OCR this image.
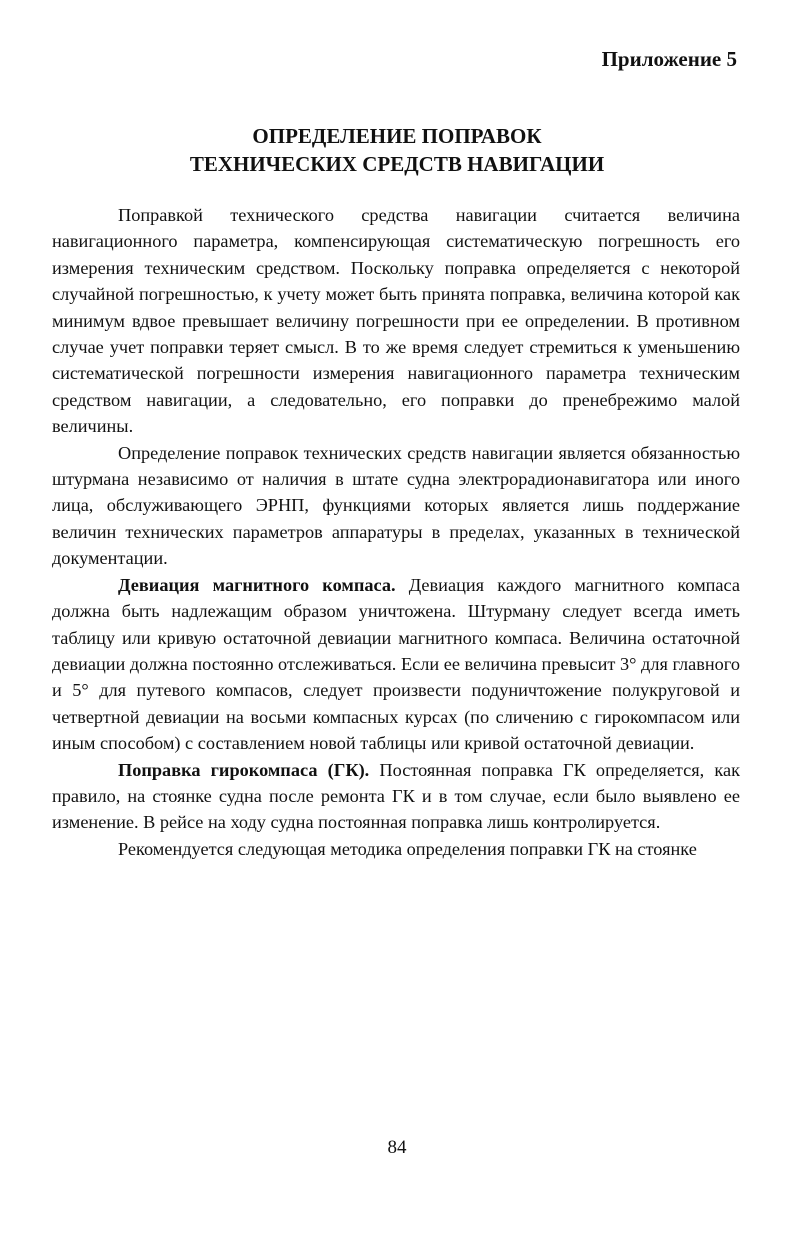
Приложение 5
ОПРЕДЕЛЕНИЕ ПОПРАВОК
ТЕХНИЧЕСКИХ СРЕДСТВ НАВИГАЦИИ

Поправкой технического средства навигации считается величина навигационного параметра, компенсирующая систематическую погрешность его измерения техническим средством. Поскольку поправка определяется с некоторой случайной погрешностью, к учету может быть принята поправка, величина которой как минимум вдвое превышает величину погрешности при ее определении. В противном случае учет поправки теряет смысл. В то же время следует стремиться к уменьшению систематической погрешности измерения навигационного параметра техническим средством навигации, а следовательно, его поправки до пренебрежимо малой величины.

Определение поправок технических средств навигации является обязанностью штурмана независимо от наличия в штате судна электрорадионавигатора или иного лица, обслуживающего ЭРНП, функциями которых является лишь поддержание величин технических параметров аппаратуры в пределах, указанных в технической документации.

Девиация магнитного компаса. Девиация каждого магнитного компаса должна быть надлежащим образом уничтожена. Штурману следует всегда иметь таблицу или кривую остаточной девиации магнитного компаса. Величина остаточной девиации должна постоянно отслеживаться. Если ее величина превысит 3° для главного и 5° для путевого компасов, следует произвести подуничтожение полукруговой и четвертной девиации на восьми компасных курсах (по сличению с гирокомпасом или иным способом) с составлением новой таблицы или кривой остаточной девиации.

Поправка гирокомпаса (ГК). Постоянная поправка ГК определяется, как правило, на стоянке судна после ремонта ГК и в том случае, если было выявлено ее изменение. В рейсе на ходу судна постоянная поправка лишь контролируется.

Рекомендуется следующая методика определения поправки ГК на стоянке

84
